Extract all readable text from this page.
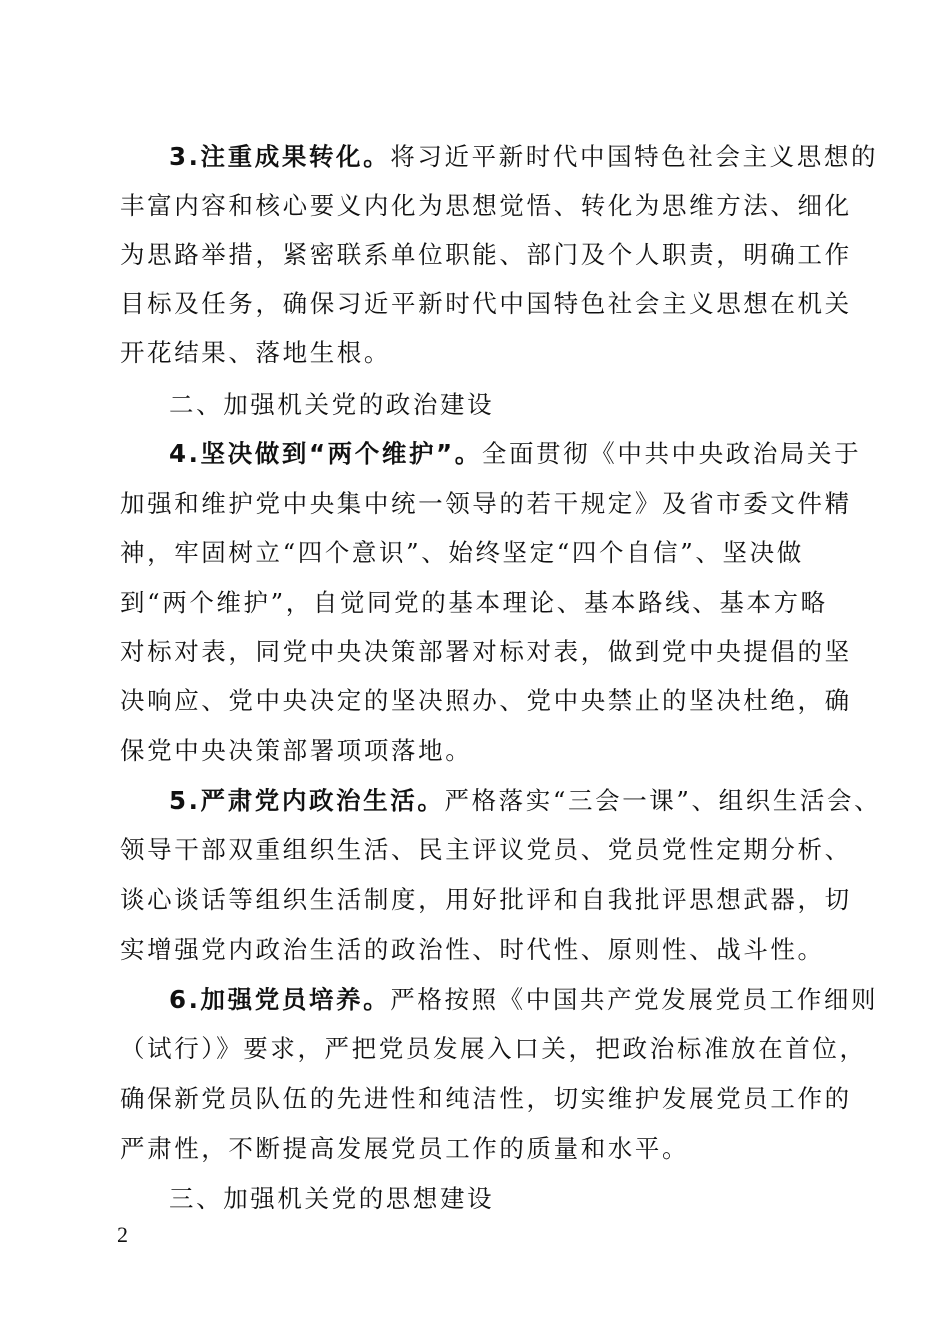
3.注重成果转化。将习近平新时代中国特色社会主义思想的
丰富内容和核心要义内化为思想觉悟、转化为思维方法、细化
为思路举措，紧密联系单位职能、部门及个人职责，明确工作
目标及任务，确保习近平新时代中国特色社会主义思想在机关
开花结果、落地生根。
二、加强机关党的政治建设
4.坚决做到“两个维护”。全面贯彻《中共中央政治局关于
加强和维护党中央集中统一领导的若干规定》及省市委文件精
神，牢固树立“四个意识”、始终坚定“四个自信”、坚决做
到“两个维护”，自觉同党的基本理论、基本路线、基本方略
对标对表，同党中央决策部署对标对表，做到党中央提倡的坚
决响应、党中央决定的坚决照办、党中央禁止的坚决杜绝，确
保党中央决策部署项项落地。
5.严肃党内政治生活。严格落实“三会一课”、组织生活会、
领导干部双重组织生活、民主评议党员、党员党性定期分析、
谈心谈话等组织生活制度，用好批评和自我批评思想武器，切
实增强党内政治生活的政治性、时代性、原则性、战斗性。
6.加强党员培养。严格按照《中国共产党发展党员工作细则
（试行）》要求，严把党员发展入口关，把政治标准放在首位，
确保新党员队伍的先进性和纯洁性，切实维护发展党员工作的
严肃性，不断提高发展党员工作的质量和水平。
三、加强机关党的思想建设
2
